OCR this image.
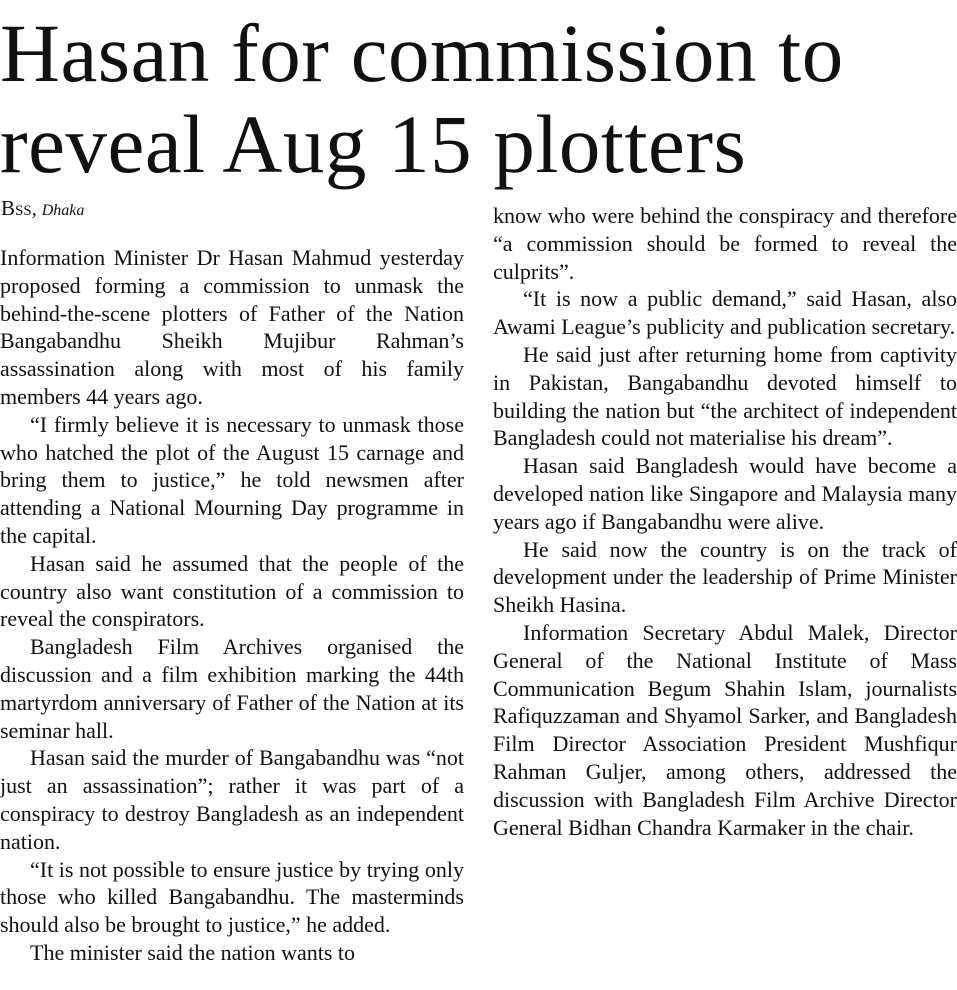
Hasan for commission to reveal Aug 15 plotters
Bss, Dhaka

Information Minister Dr Hasan Mahmud yesterday proposed forming a commission to unmask the behind-the-scene plotters of Father of the Nation Bangabandhu Sheikh Mujibur Rahman’s assassination along with most of his family members 44 years ago.

“I firmly believe it is necessary to unmask those who hatched the plot of the August 15 carnage and bring them to justice,” he told newsmen after attending a National Mourning Day programme in the capital.

Hasan said he assumed that the people of the country also want constitution of a commission to reveal the conspirators.

Bangladesh Film Archives organised the discussion and a film exhibition marking the 44th martyrdom anniversary of Father of the Nation at its seminar hall.

Hasan said the murder of Bangabandhu was “not just an assassination”; rather it was part of a conspiracy to destroy Bangladesh as an independent nation.

“It is not possible to ensure justice by trying only those who killed Bangabandhu. The masterminds should also be brought to justice,” he added.

The minister said the nation wants to

know who were behind the conspiracy and therefore “a commission should be formed to reveal the culprits”.

“It is now a public demand,” said Hasan, also Awami League’s publicity and publication secretary.

He said just after returning home from captivity in Pakistan, Bangabandhu devoted himself to building the nation but “the architect of independent Bangladesh could not materialise his dream”.

Hasan said Bangladesh would have become a developed nation like Singapore and Malaysia many years ago if Bangabandhu were alive.

He said now the country is on the track of development under the leadership of Prime Minister Sheikh Hasina.

Information Secretary Abdul Malek, Director General of the National Institute of Mass Communication Begum Shahin Islam, journalists Rafiquzzaman and Shyamol Sarker, and Bangladesh Film Director Association President Mushfiqur Rahman Guljer, among others, addressed the discussion with Bangladesh Film Archive Director General Bidhan Chandra Karmaker in the chair.
